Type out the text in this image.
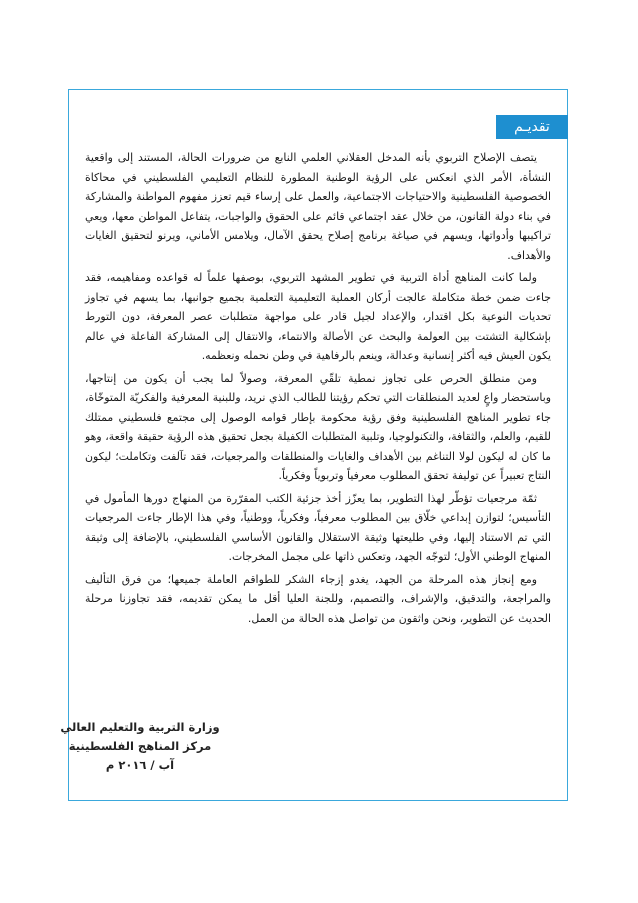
تقديـم

يتصف الإصلاح التربوي بأنه المدخل العقلاني العلمي النابع من ضرورات الحالة، المستند إلى واقعية النشأة، الأمر الذي انعكس على الرؤية الوطنية المطورة للنظام التعليمي الفلسطيني في محاكاة الخصوصية الفلسطينية والاحتياجات الاجتماعية، والعمل على إرساء قيم تعزز مفهوم المواطنة والمشاركة في بناء دولة القانون، من خلال عقد اجتماعي قائم على الحقوق والواجبات، يتفاعل المواطن معها، ويعي تراكيبها وأدواتها، ويسهم في صياغة برنامج إصلاح يحقق الآمال، ويلامس الأماني، ويرنو لتحقيق الغايات والأهداف.

ولما كانت المناهج أداة التربية في تطوير المشهد التربوي، بوصفها علماً له قواعده ومفاهيمه، فقد جاءت ضمن خطة متكاملة عالجت أركان العملية التعليمية التعلمية بجميع جوانبها، بما يسهم في تجاوز تحديات النوعية بكل اقتدار، والإعداد لجيل قادر على مواجهة متطلبات عصر المعرفة، دون التورط بإشكالية التشتت بين العولمة والبحث عن الأصالة والانتماء، والانتقال إلى المشاركة الفاعلة في عالم يكون العيش فيه أكثر إنسانية وعدالة، وينعم بالرفاهية في وطن نحمله ونعظمه.

ومن منطلق الحرص على تجاوز نمطية تلقّي المعرفة، وصولاً لما يجب أن يكون من إنتاجها، وباستحضار واعٍ لعديد المنطلقات التي تحكم رؤيتنا للطالب الذي نريد، وللبنية المعرفية والفكريّة المتوخّاة، جاء تطوير المناهج الفلسطينية وفق رؤية محكومة بإطار قوامه الوصول إلى مجتمع فلسطيني ممتلك للقيم، والعلم، والثقافة، والتكنولوجيا، وتلبية المتطلبات الكفيلة بجعل تحقيق هذه الرؤية حقيقة واقعة، وهو ما كان له ليكون لولا التناغم بين الأهداف والغايات والمنطلقات والمرجعيات، فقد تآلفت وتكاملت؛ ليكون النتاج تعبيراً عن توليفة تحقق المطلوب معرفياً وتربوياً وفكرياً.

ثمّة مرجعيات تؤطّر لهذا التطوير، بما يعزّز أخذ جزئية الكتب المقرّرة من المنهاج دورها المأمول في التأسيس؛ لتوازن إبداعي خلّاق بين المطلوب معرفياً، وفكرياً، ووطنياً، وفي هذا الإطار جاءت المرجعيات التي تم الاستناد إليها، وفي طليعتها وثيقة الاستقلال والقانون الأساسي الفلسطيني، بالإضافة إلى وثيقة المنهاج الوطني الأول؛ لتوجّه الجهد، وتعكس ذاتها على مجمل المخرجات.

ومع إنجاز هذه المرحلة من الجهد، يغدو إزجاء الشكر للطواقم العاملة جميعها؛ من فرق التأليف والمراجعة، والتدقيق، والإشراف، والتصميم، وللجنة العليا أقل ما يمكن تقديمه، فقد تجاوزنا مرحلة الحديث عن التطوير، ونحن واثقون من تواصل هذه الحالة من العمل.

وزارة التربية والتعليم العالي
مركز المناهج الفلسطينية
آب / ٢٠١٦ م
